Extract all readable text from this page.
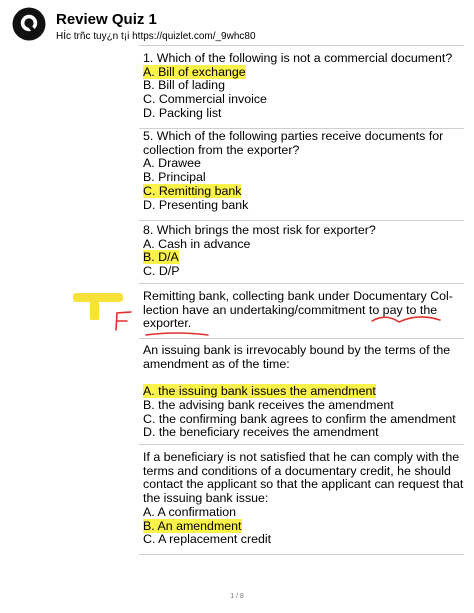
Review Quiz 1
Hİc trñc tuy¿n t¡i https://quizlet.com/_9whc80
1. Which of the following is not a commercial document?
A. Bill of exchange
B. Bill of lading
C. Commercial invoice
D. Packing list
5. Which of the following parties receive documents for
collection from the exporter?
A. Drawee
B. Principal
C. Remitting bank
D. Presenting bank
8. Which brings the most risk for exporter?
A. Cash in advance
B. D/A
C. D/P
Remitting bank, collecting bank under Documentary Col-
lection have an undertaking/commitment to pay to the
exporter.
An issuing bank is irrevocably bound by the terms of the
amendment as of the time:
A. the issuing bank issues the amendment
B. the advising bank receives the amendment
C. the confirming bank agrees to confirm the amendment
D. the beneficiary receives the amendment
If a beneficiary is not satisfied that he can comply with the
terms and conditions of a documentary credit, he should
contact the applicant so that the applicant can request that
the issuing bank issue:
A. A confirmation
B. An amendment
C. A replacement credit
1 / 8
